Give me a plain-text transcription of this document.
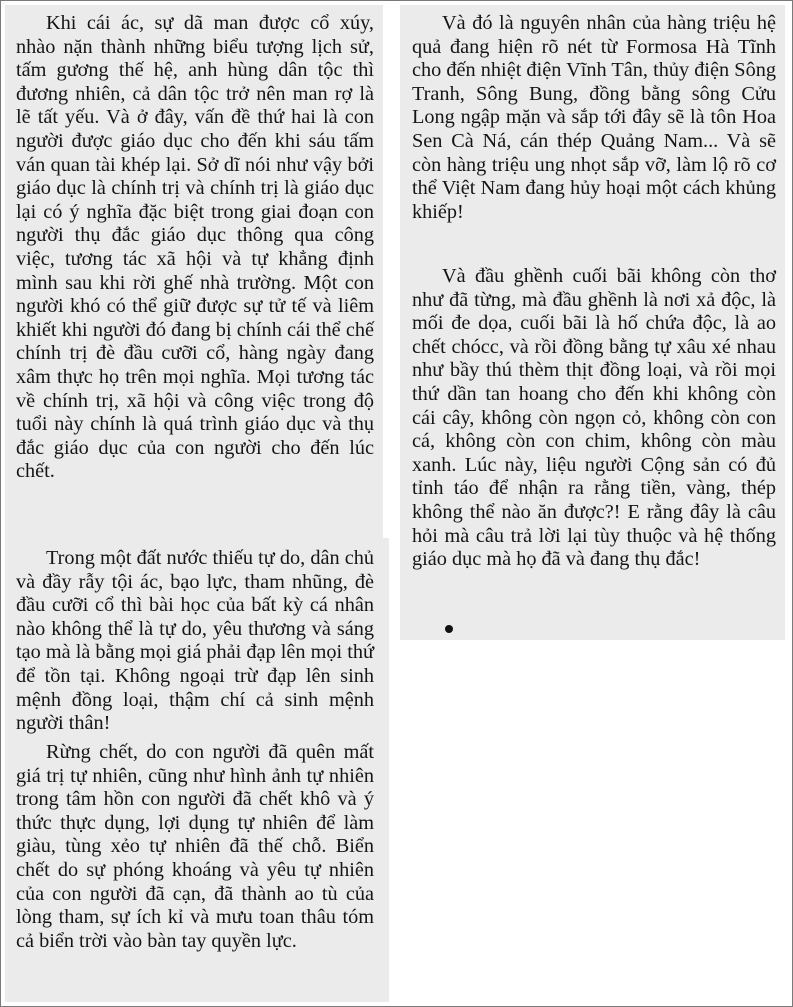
Khi cái ác, sự dã man được cổ xúy, nhào nặn thành những biểu tượng lịch sử, tấm gương thế hệ, anh hùng dân tộc thì đương nhiên, cả dân tộc trở nên man rợ là lẽ tất yếu. Và ở đây, vấn đề thứ hai là con người được giáo dục cho đến khi sáu tấm ván quan tài khép lại. Sở dĩ nói như vậy bởi giáo dục là chính trị và chính trị là giáo dục lại có ý nghĩa đặc biệt trong giai đoạn con người thụ đắc giáo dục thông qua công việc, tương tác xã hội và tự khẳng định mình sau khi rời ghế nhà trường. Một con người khó có thể giữ được sự tử tế và liêm khiết khi người đó đang bị chính cái thể chế chính trị đè đầu cưỡi cổ, hàng ngày đang xâm thực họ trên mọi nghĩa. Mọi tương tác về chính trị, xã hội và công việc trong độ tuổi này chính là quá trình giáo dục và thụ đắc giáo dục của con người cho đến lúc chết.

Trong một đất nước thiếu tự do, dân chủ và đầy rẫy tội ác, bạo lực, tham nhũng, đè đầu cưỡi cổ thì bài học của bất kỳ cá nhân nào không thể là tự do, yêu thương và sáng tạo mà là bằng mọi giá phải đạp lên mọi thứ để tồn tại. Không ngoại trừ đạp lên sinh mệnh đồng loại, thậm chí cả sinh mệnh người thân!

Rừng chết, do con người đã quên mất giá trị tự nhiên, cũng như hình ảnh tự nhiên trong tâm hồn con người đã chết khô và ý thức thực dụng, lợi dụng tự nhiên để làm giàu, tùng xẻo tự nhiên đã thế chỗ. Biển chết do sự phóng khoáng và yêu tự nhiên của con người đã cạn, đã thành ao tù của lòng tham, sự ích kỉ và mưu toan thâu tóm cả biển trời vào bàn tay quyền lực.

Và đó là nguyên nhân của hàng triệu hệ quả đang hiện rõ nét từ Formosa Hà Tĩnh cho đến nhiệt điện Vĩnh Tân, thủy điện Sông Tranh, Sông Bung, đồng bằng sông Cửu Long ngập mặn và sắp tới đây sẽ là tôn Hoa Sen Cà Ná, cán thép Quảng Nam... Và sẽ còn hàng triệu ung nhọt sắp vỡ, làm lộ rõ cơ thể Việt Nam đang hủy hoại một cách khủng khiếp!

Và đầu ghềnh cuối bãi không còn thơ như đã từng, mà đầu ghềnh là nơi xả độc, là mối đe dọa, cuối bãi là hố chứa độc, là ao chết chócc, và rồi đồng bằng tự xâu xé nhau như bầy thú thèm thịt đồng loại, và rồi mọi thứ dần tan hoang cho đến khi không còn cái cây, không còn ngọn cỏ, không còn con cá, không còn con chim, không còn màu xanh. Lúc này, liệu người Cộng sản có đủ tỉnh táo để nhận ra rằng tiền, vàng, thép không thể nào ăn được?! E rằng đây là câu hỏi mà câu trả lời lại tùy thuộc và hệ thống giáo dục mà họ đã và đang thụ đắc!
